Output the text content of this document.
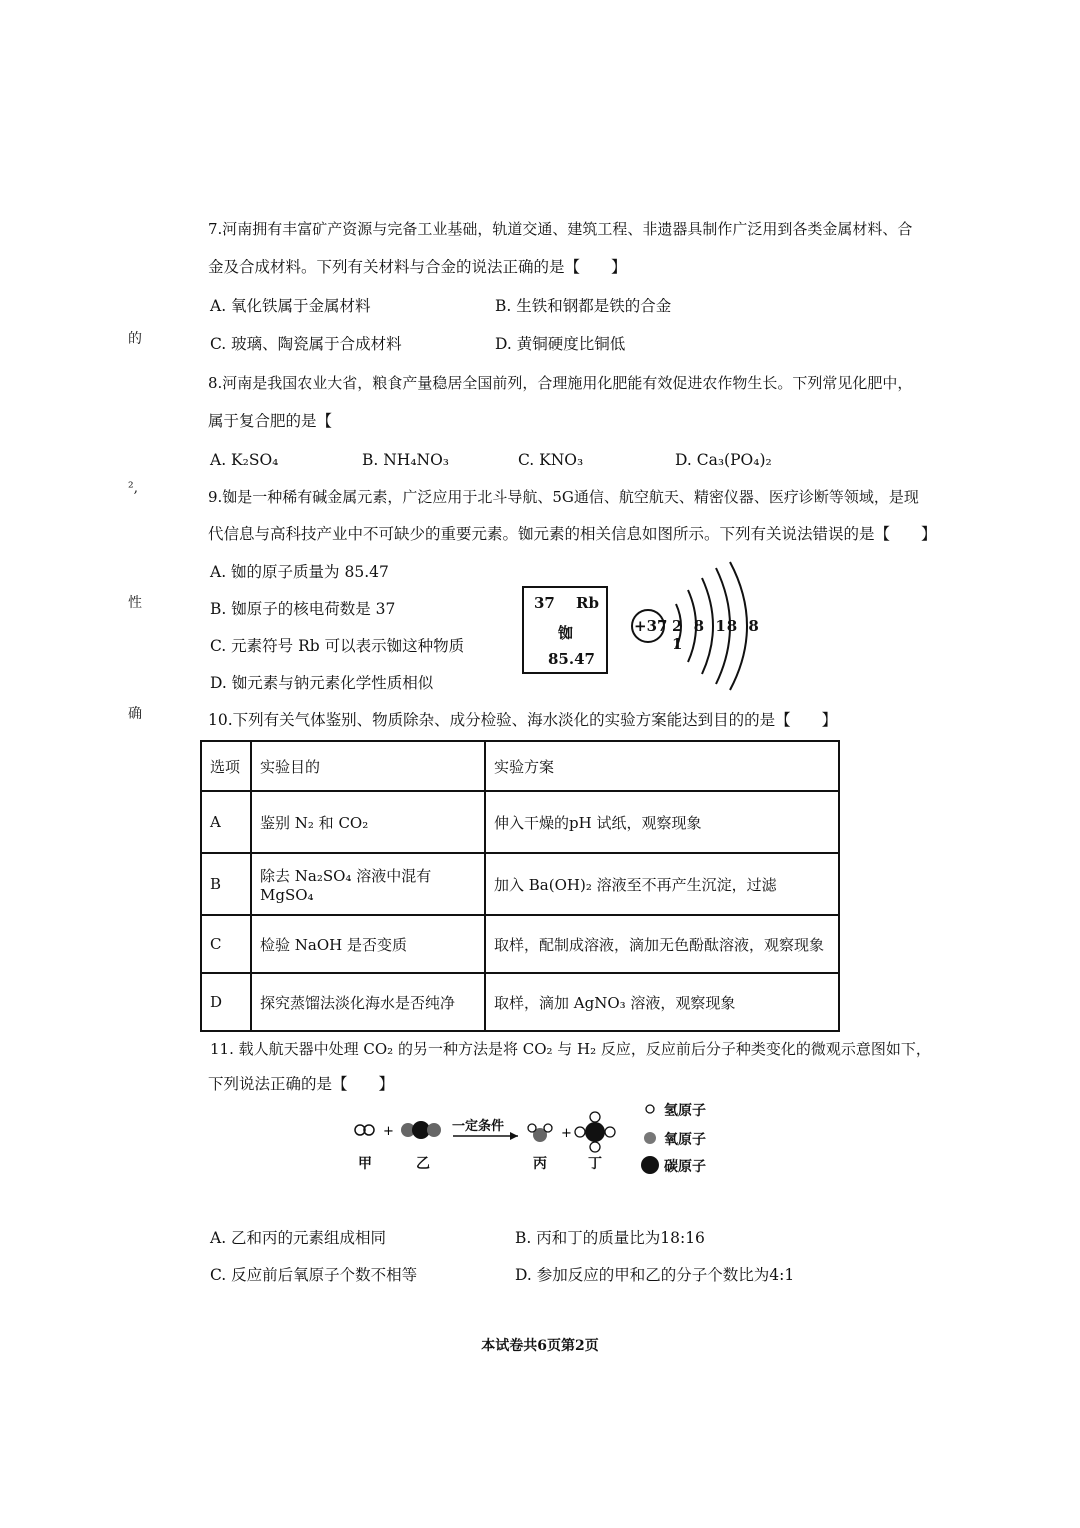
的
²,
性
确
7.河南拥有丰富矿产资源与完备工业基础，轨道交通、建筑工程、非遗器具制作广泛用到各类金属材料、合
金及合成材料。下列有关材料与合金的说法正确的是【　　】
A. 氧化铁属于金属材料	B. 生铁和钢都是铁的合金
C. 玻璃、陶瓷属于合成材料	D. 黄铜硬度比铜低
8.河南是我国农业大省，粮食产量稳居全国前列，合理施用化肥能有效促进农作物生长。下列常见化肥中，
属于复合肥的是【
A. K₂SO₄	B. NH₄NO₃	C. KNO₃	D. Ca₃(PO₄)₂
9.铷是一种稀有碱金属元素，广泛应用于北斗导航、5G通信、航空航天、精密仪器、医疗诊断等领域，是现
代信息与高科技产业中不可缺少的重要元素。铷元素的相关信息如图所示。下列有关说法错误的是【　　】
A. 铷的原子质量为 85.47
B. 铷原子的核电荷数是 37
C. 元素符号 Rb 可以表示铷这种物质
D. 铷元素与钠元素化学性质相似
37 Rb
铷
85.47
+37 2 8 18 8 1
10.下列有关气体鉴别、物质除杂、成分检验、海水淡化的实验方案能达到目的的是【　　】
选项	实验目的	实验方案
A	鉴别 N₂ 和 CO₂	伸入干燥的pH 试纸，观察现象
B	除去 Na₂SO₄ 溶液中混有 MgSO₄	加入 Ba(OH)₂ 溶液至不再产生沉淀，过滤
C	检验 NaOH 是否变质	取样，配制成溶液，滴加无色酚酞溶液，观察现象
D	探究蒸馏法淡化海水是否纯净	取样，滴加 AgNO₃ 溶液，观察现象
11. 载人航天器中处理 CO₂ 的另一种方法是将 CO₂ 与 H₂ 反应，反应前后分子种类变化的微观示意图如下，
下列说法正确的是【　　】
+	+
一定条件
甲	乙	丙	丁
氢原子
氧原子
碳原子
A. 乙和丙的元素组成相同	B. 丙和丁的质量比为18:16
C. 反应前后氧原子个数不相等	D. 参加反应的甲和乙的分子个数比为4:1
本试卷共6页第2页
